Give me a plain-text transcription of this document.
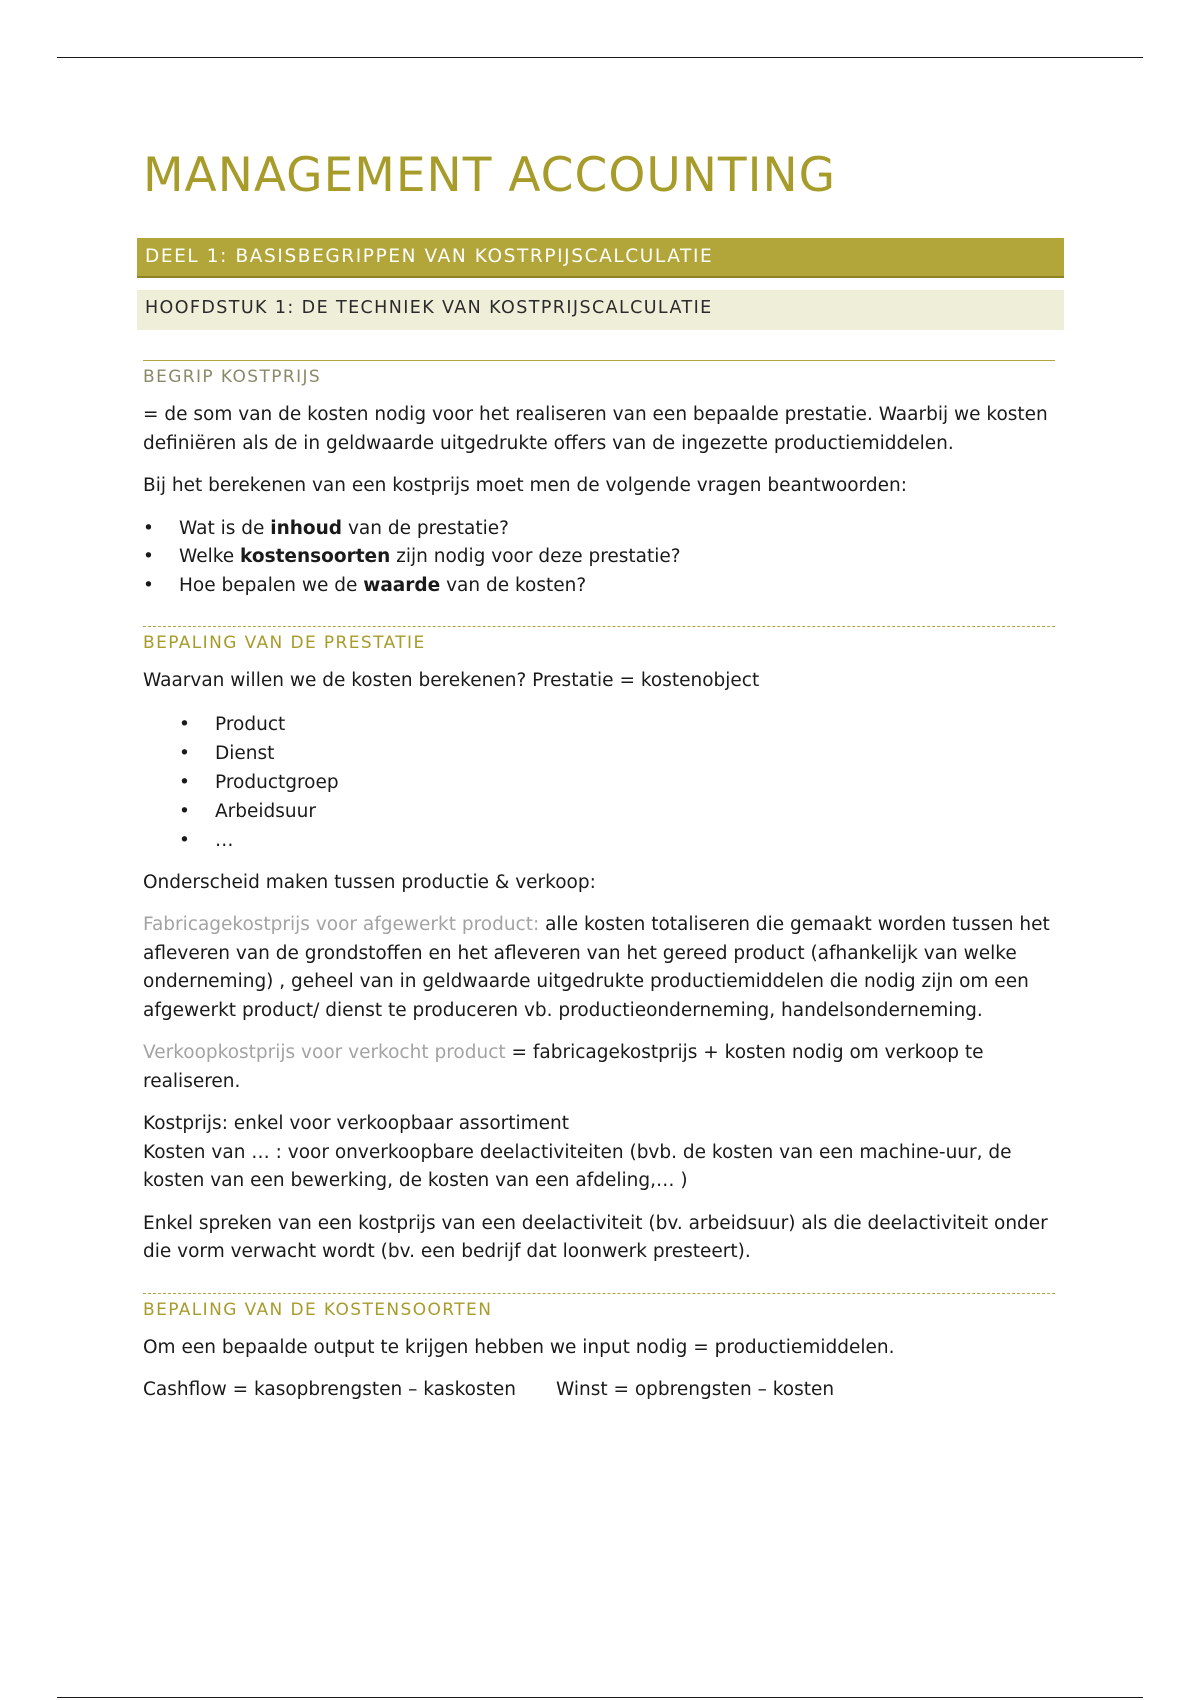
MANAGEMENT ACCOUNTING
DEEL 1: BASISBEGRIPPEN VAN KOSTRPIJSCALCULATIE
HOOFDSTUK 1: DE TECHNIEK VAN KOSTPRIJSCALCULATIE
BEGRIP KOSTPRIJS

= de som van de kosten nodig voor het realiseren van een bepaalde prestatie. Waarbij we kosten definiëren als de in geldwaarde uitgedrukte offers van de ingezette productiemiddelen.

Bij het berekenen van een kostprijs moet men de volgende vragen beantwoorden:

• Wat is de inhoud van de prestatie?
• Welke kostensoorten zijn nodig voor deze prestatie?
• Hoe bepalen we de waarde van de kosten?
BEPALING VAN DE PRESTATIE

Waarvan willen we de kosten berekenen? Prestatie = kostenobject

• Product
• Dienst
• Productgroep
• Arbeidsuur
• …

Onderscheid maken tussen productie & verkoop:

Fabricagekostprijs voor afgewerkt product: alle kosten totaliseren die gemaakt worden tussen het afleveren van de grondstoffen en het afleveren van het gereed product (afhankelijk van welke onderneming) , geheel van in geldwaarde uitgedrukte productiemiddelen die nodig zijn om een afgewerkt product/ dienst te produceren vb. productieonderneming, handelsonderneming.

Verkoopkostprijs voor verkocht product = fabricagekostprijs + kosten nodig om verkoop te realiseren.

Kostprijs: enkel voor verkoopbaar assortiment

Kosten van … : voor onverkoopbare deelactiviteiten (bvb. de kosten van een machine-uur, de kosten van een bewerking, de kosten van een afdeling,… )

Enkel spreken van een kostprijs van een deelactiviteit (bv. arbeidsuur) als die deelactiviteit onder die vorm verwacht wordt (bv. een bedrijf dat loonwerk presteert).

BEPALING VAN DE KOSTENSOORTEN

Om een bepaalde output te krijgen hebben we input nodig = productiemiddelen.

Cashflow = kasopbrengsten – kaskosten Winst = opbrengsten – kosten
